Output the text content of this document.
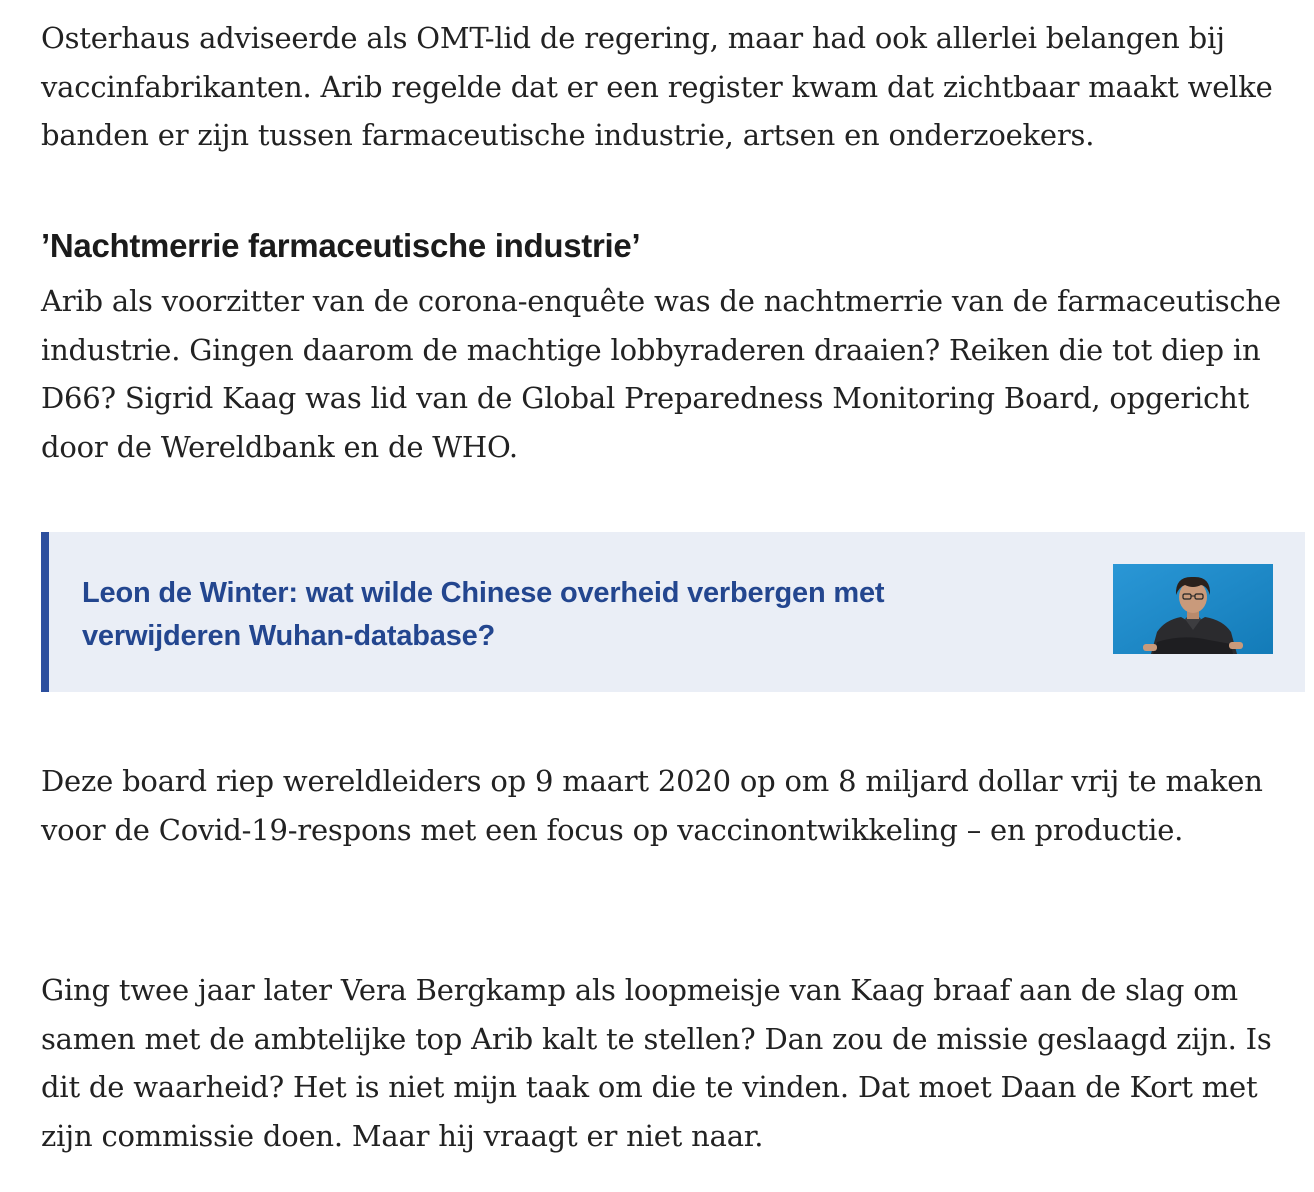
Osterhaus adviseerde als OMT-lid de regering, maar had ook allerlei belangen bij vaccinfabrikanten. Arib regelde dat er een register kwam dat zichtbaar maakt welke banden er zijn tussen farmaceutische industrie, artsen en onderzoekers.

’Nachtmerrie farmaceutische industrie’

Arib als voorzitter van de corona-enquête was de nachtmerrie van de farmaceutische industrie. Gingen daarom de machtige lobbyraderen draaien? Reiken die tot diep in D66? Sigrid Kaag was lid van de Global Preparedness Monitoring Board, opgericht door de Wereldbank en de WHO.

Leon de Winter: wat wilde Chinese overheid verbergen met verwijderen Wuhan-database?

Deze board riep wereldleiders op 9 maart 2020 op om 8 miljard dollar vrij te maken voor de Covid-19-respons met een focus op vaccinontwikkeling – en productie.

Ging twee jaar later Vera Bergkamp als loopmeisje van Kaag braaf aan de slag om samen met de ambtelijke top Arib kalt te stellen? Dan zou de missie geslaagd zijn. Is dit de waarheid? Het is niet mijn taak om die te vinden. Dat moet Daan de Kort met zijn commissie doen. Maar hij vraagt er niet naar.
